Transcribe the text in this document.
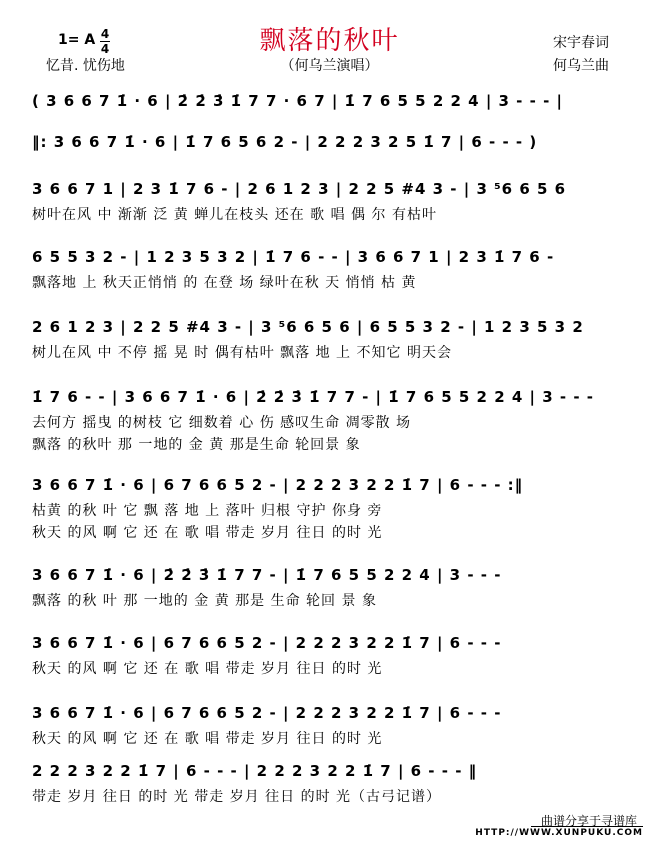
飘落的秋叶
1= A 4
4
忆昔. 忧伤地	（何乌兰演唱）
宋宇春词
何乌兰曲
( 3 6 6 7 1̇ · 6 | 2̇ 2̇ 3̇ 1̇ 7 7 · 6 7 | 1̇ 7 6 5 5 2 2 4 | 3 - - - |
‖: 3 6 6 7 1̇ · 6 | 1̇ 7 6 5 6 2 - | 2 2 2 3 2 5 1̇ 7 | 6 - - - )
3 6 6 7 1 | 2 3 1̇ 7 6 - | 2 6 1 2 3 | 2 2 5 #4 3 - | 3 ⁵6 6 5 6
树叶在风 中 渐渐 泛 黄 蝉儿在枝头 还在 歌 唱 偶 尔 有枯叶
6 5 5 3 2 - | 1 2 3 5 3 2 | 1̇ 7 6 - - | 3 6 6 7 1 | 2 3 1̇ 7 6 -
飘落地 上 秋天正悄悄 的 在登 场 绿叶在秋 天 悄悄 枯 黄
2 6 1 2 3 | 2 2 5 #4 3 - | 3 ⁵6 6 5 6 | 6 5 5 3 2 - | 1 2 3 5 3 2
树儿在风 中 不停 摇 晃 时 偶有枯叶 飘落 地 上 不知它 明天会
1̇ 7 6 - - | 3 6 6 7 1̇ · 6 | 2̇ 2̇ 3̇ 1̇ 7 7 - | 1̇ 7 6 5 5 2 2 4 | 3 - - -
去何方 摇曳 的树枝 它 细数着 心 伤 感叹生命 凋零散 场
飘落 的秋叶 那 一地的 金 黄 那是生命 轮回景 象
3 6 6 7 1̇ · 6 | 6 7 6 6 5 2 - | 2 2 2 3 2 2 1̇ 7 | 6 - - - :‖
枯黄 的秋 叶 它 飘 落 地 上 落叶 归根 守护 你身 旁
秋天 的风 啊 它 还 在 歌 唱 带走 岁月 往日 的时 光
3 6 6 7 1̇ · 6 | 2̇ 2̇ 3̇ 1̇ 7 7 - | 1̇ 7 6 5 5 2 2 4 | 3 - - -
飘落 的秋 叶 那 一地的 金 黄 那是 生命 轮回 景 象
3 6 6 7 1̇ · 6 | 6 7 6 6 5 2 - | 2 2 2 3 2 2 1̇ 7 | 6 - - -
秋天 的风 啊 它 还 在 歌 唱 带走 岁月 往日 的时 光
3 6 6 7 1̇ · 6 | 6 7 6 6 5 2 - | 2 2 2 3 2 2 1̇ 7 | 6 - - -
秋天 的风 啊 它 还 在 歌 唱 带走 岁月 往日 的时 光
2 2 2 3 2 2 1̇ 7 | 6 - - - | 2 2 2 3 2 2 1̇ 7 | 6 - - - ‖
带走 岁月 往日 的时 光 带走 岁月 往日 的时 光（古弓记谱）
曲谱分享于寻谱库
HTTP://WWW.XUNPUKU.COM
